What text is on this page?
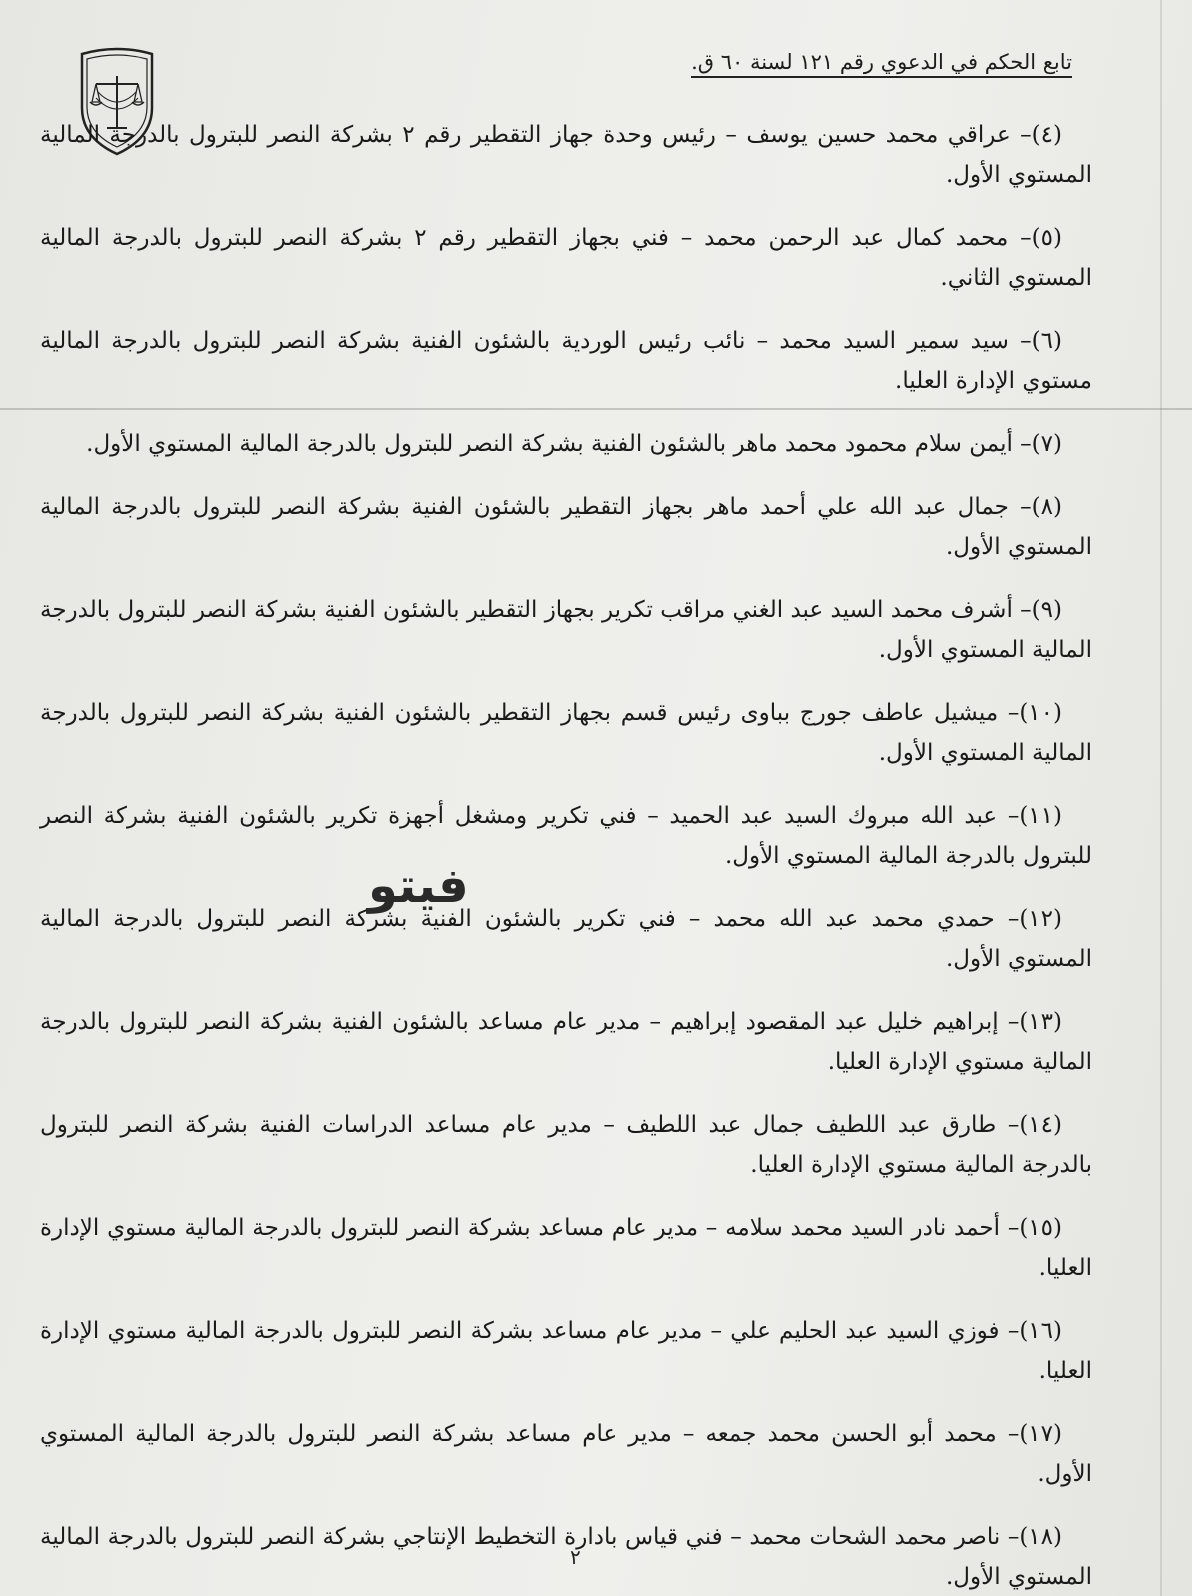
تابع الحكم في الدعوي رقم ١٢١ لسنة ٦٠ ق.

(٤)– عراقي محمد حسين يوسف – رئيس وحدة جهاز التقطير رقم ٢ بشركة النصر للبترول بالدرجة المالية المستوي الأول.

(٥)– محمد كمال عبد الرحمن محمد – فني بجهاز التقطير رقم ٢ بشركة النصر للبترول بالدرجة المالية المستوي الثاني.

(٦)– سيد سمير السيد محمد – نائب رئيس الوردية بالشئون الفنية بشركة النصر للبترول بالدرجة المالية مستوي الإدارة العليا.

(٧)– أيمن سلام محمود محمد ماهر بالشئون الفنية بشركة النصر للبترول بالدرجة المالية المستوي الأول.

(٨)– جمال عبد الله علي أحمد ماهر بجهاز التقطير بالشئون الفنية بشركة النصر للبترول بالدرجة المالية المستوي الأول.

(٩)– أشرف محمد السيد عبد الغني مراقب تكرير بجهاز التقطير بالشئون الفنية بشركة النصر للبترول بالدرجة المالية المستوي الأول.

(١٠)– ميشيل عاطف جورج بباوى رئيس قسم بجهاز التقطير بالشئون الفنية بشركة النصر للبترول بالدرجة المالية المستوي الأول.

(١١)– عبد الله مبروك السيد عبد الحميد – فني تكرير ومشغل أجهزة تكرير بالشئون الفنية بشركة النصر للبترول بالدرجة المالية المستوي الأول.

(١٢)– حمدي محمد عبد الله محمد – فني تكرير بالشئون الفنية بشركة النصر للبترول بالدرجة المالية المستوي الأول.

(١٣)– إبراهيم خليل عبد المقصود إبراهيم – مدير عام مساعد بالشئون الفنية بشركة النصر للبترول بالدرجة المالية مستوي الإدارة العليا.

(١٤)– طارق عبد اللطيف جمال عبد اللطيف – مدير عام مساعد الدراسات الفنية بشركة النصر للبترول بالدرجة المالية مستوي الإدارة العليا.

(١٥)– أحمد نادر السيد محمد سلامه – مدير عام مساعد بشركة النصر للبترول بالدرجة المالية مستوي الإدارة العليا.

(١٦)– فوزي السيد عبد الحليم علي – مدير عام مساعد بشركة النصر للبترول بالدرجة المالية مستوي الإدارة العليا.

(١٧)– محمد أبو الحسن محمد جمعه – مدير عام مساعد بشركة النصر للبترول بالدرجة المالية المستوي الأول.

(١٨)– ناصر محمد الشحات محمد – فني قياس بادارة التخطيط الإنتاجي بشركة النصر للبترول بالدرجة المالية المستوي الأول.

فيتو
٢
